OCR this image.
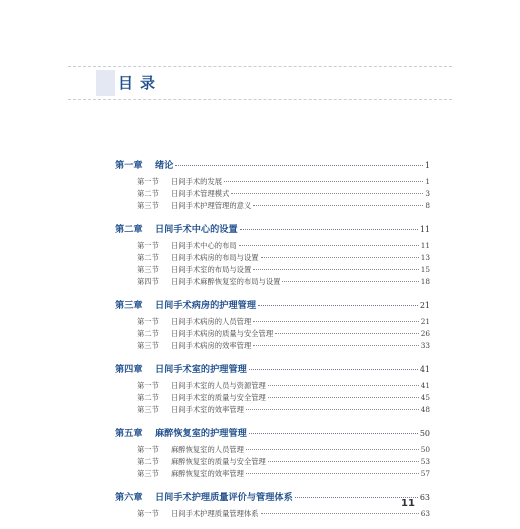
目录
第一章	绪论	1
第一节	日间手术的发展	1
第二节	日间手术管理模式	3
第三节	日间手术护理管理的意义	8
第二章	日间手术中心的设置	11
第一节	日间手术中心的布局	11
第二节	日间手术病房的布局与设置	13
第三节	日间手术室的布局与设置	15
第四节	日间手术麻醉恢复室的布局与设置	18
第三章	日间手术病房的护理管理	21
第一节	日间手术病房的人员管理	21
第二节	日间手术病房的质量与安全管理	26
第三节	日间手术病房的效率管理	33
第四章	日间手术室的护理管理	41
第一节	日间手术室的人员与资源管理	41
第二节	日间手术室的质量与安全管理	45
第三节	日间手术室的效率管理	48
第五章	麻醉恢复室的护理管理	50
第一节	麻醉恢复室的人员管理	50
第二节	麻醉恢复室的质量与安全管理	53
第三节	麻醉恢复室的效率管理	57
第六章	日间手术护理质量评价与管理体系	63
第一节	日间手术护理质量管理体系	63
11
